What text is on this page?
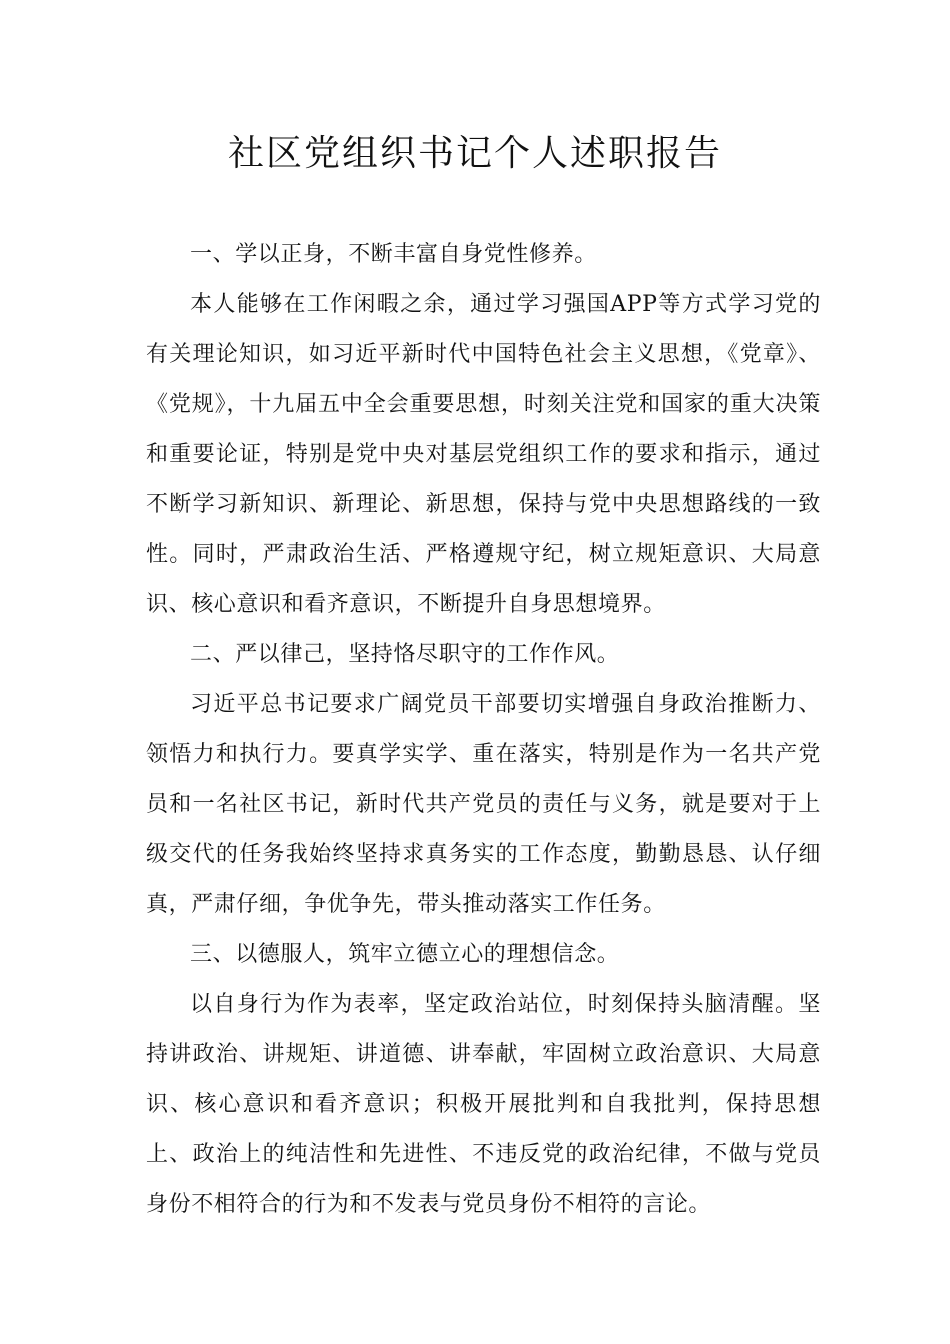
社区党组织书记个人述职报告

一、学以正身，不断丰富自身党性修养。

本人能够在工作闲暇之余，通过学习强国APP等方式学习党的有关理论知识，如习近平新时代中国特色社会主义思想，《党章》、《党规》，十九届五中全会重要思想，时刻关注党和国家的重大决策和重要论证，特别是党中央对基层党组织工作的要求和指示，通过不断学习新知识、新理论、新思想，保持与党中央思想路线的一致性。同时，严肃政治生活、严格遵规守纪，树立规矩意识、大局意识、核心意识和看齐意识，不断提升自身思想境界。

二、严以律己，坚持恪尽职守的工作作风。

习近平总书记要求广阔党员干部要切实增强自身政治推断力、领悟力和执行力。要真学实学、重在落实，特别是作为一名共产党员和一名社区书记，新时代共产党员的责任与义务，就是要对于上级交代的任务我始终坚持求真务实的工作态度，勤勤恳恳、认仔细真，严肃仔细，争优争先，带头推动落实工作任务。

三、以德服人，筑牢立德立心的理想信念。

以自身行为作为表率，坚定政治站位，时刻保持头脑清醒。坚持讲政治、讲规矩、讲道德、讲奉献，牢固树立政治意识、大局意识、核心意识和看齐意识；积极开展批判和自我批判，保持思想上、政治上的纯洁性和先进性、不违反党的政治纪律，不做与党员身份不相符合的行为和不发表与党员身份不相符的言论。
